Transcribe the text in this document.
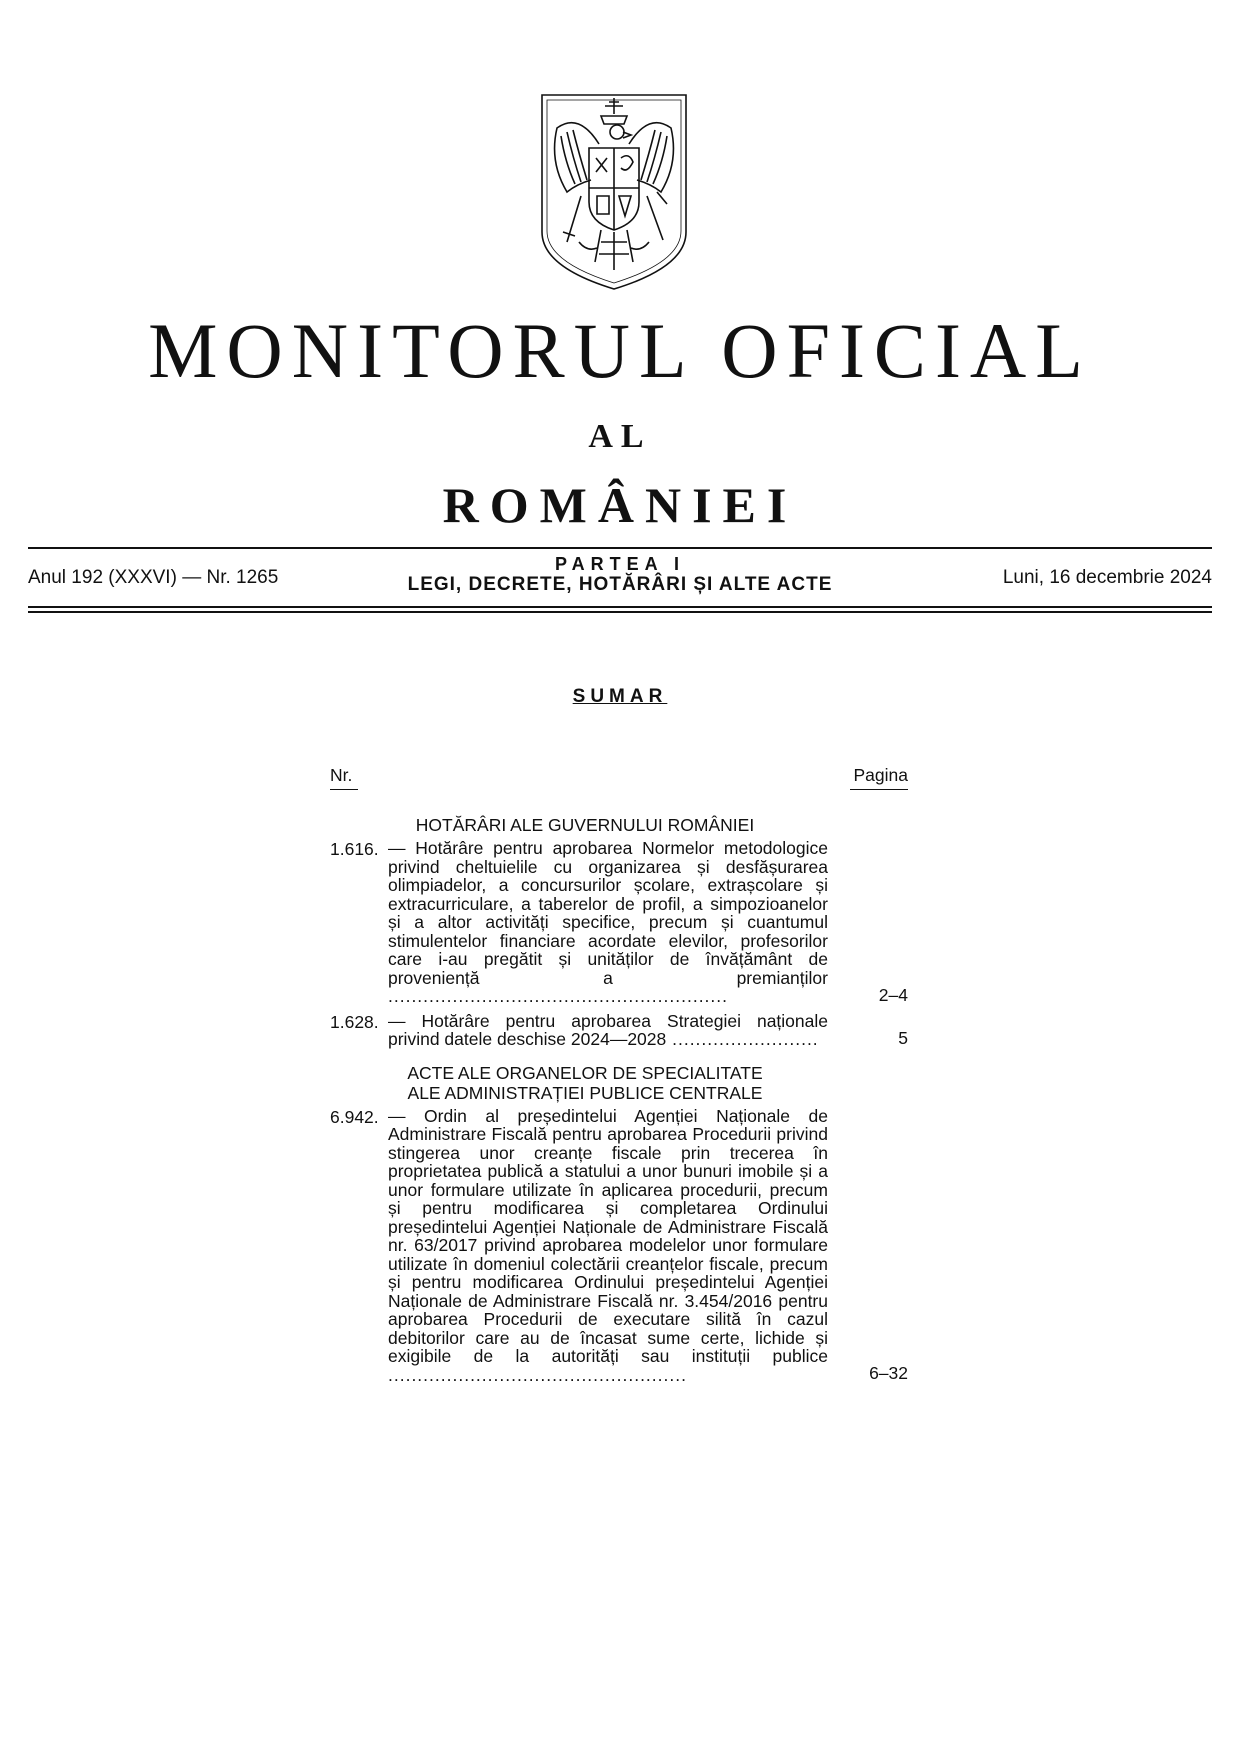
MONITORUL OFICIAL
AL
ROMÂNIEI
Anul 192 (XXXVI) — Nr. 1265
PARTEA I
LEGI, DECRETE, HOTĂRÂRI ȘI ALTE ACTE	Luni, 16 decembrie 2024
SUMAR
Nr.	Pagina
HOTĂRÂRI ALE GUVERNULUI ROMÂNIEI
1.616. — Hotărâre pentru aprobarea Normelor metodologice privind cheltuielile cu organizarea și desfășurarea olimpiadelor, a concursurilor școlare, extrașcolare și extracurriculare, a taberelor de profil, a simpozioanelor și a altor activități specifice, precum și cuantumul stimulentelor financiare acordate elevilor, profesorilor care i-au pregătit și unităților de învățământ de proveniență a premianților ..........................................................	2–4
1.628. — Hotărâre pentru aprobarea Strategiei naționale privind datele deschise 2024—2028 .........................	5
ACTE ALE ORGANELOR DE SPECIALITATE
ALE ADMINISTRAȚIEI PUBLICE CENTRALE
6.942. — Ordin al președintelui Agenției Naționale de Administrare Fiscală pentru aprobarea Procedurii privind stingerea unor creanțe fiscale prin trecerea în proprietatea publică a statului a unor bunuri imobile și a unor formulare utilizate în aplicarea procedurii, precum și pentru modificarea și completarea Ordinului președintelui Agenției Naționale de Administrare Fiscală nr. 63/2017 privind aprobarea modelelor unor formulare utilizate în domeniul colectării creanțelor fiscale, precum și pentru modificarea Ordinului președintelui Agenției Naționale de Administrare Fiscală nr. 3.454/2016 pentru aprobarea Procedurii de executare silită în cazul debitorilor care au de încasat sume certe, lichide și exigibile de la autorități sau instituții publice ...................................................	6–32
